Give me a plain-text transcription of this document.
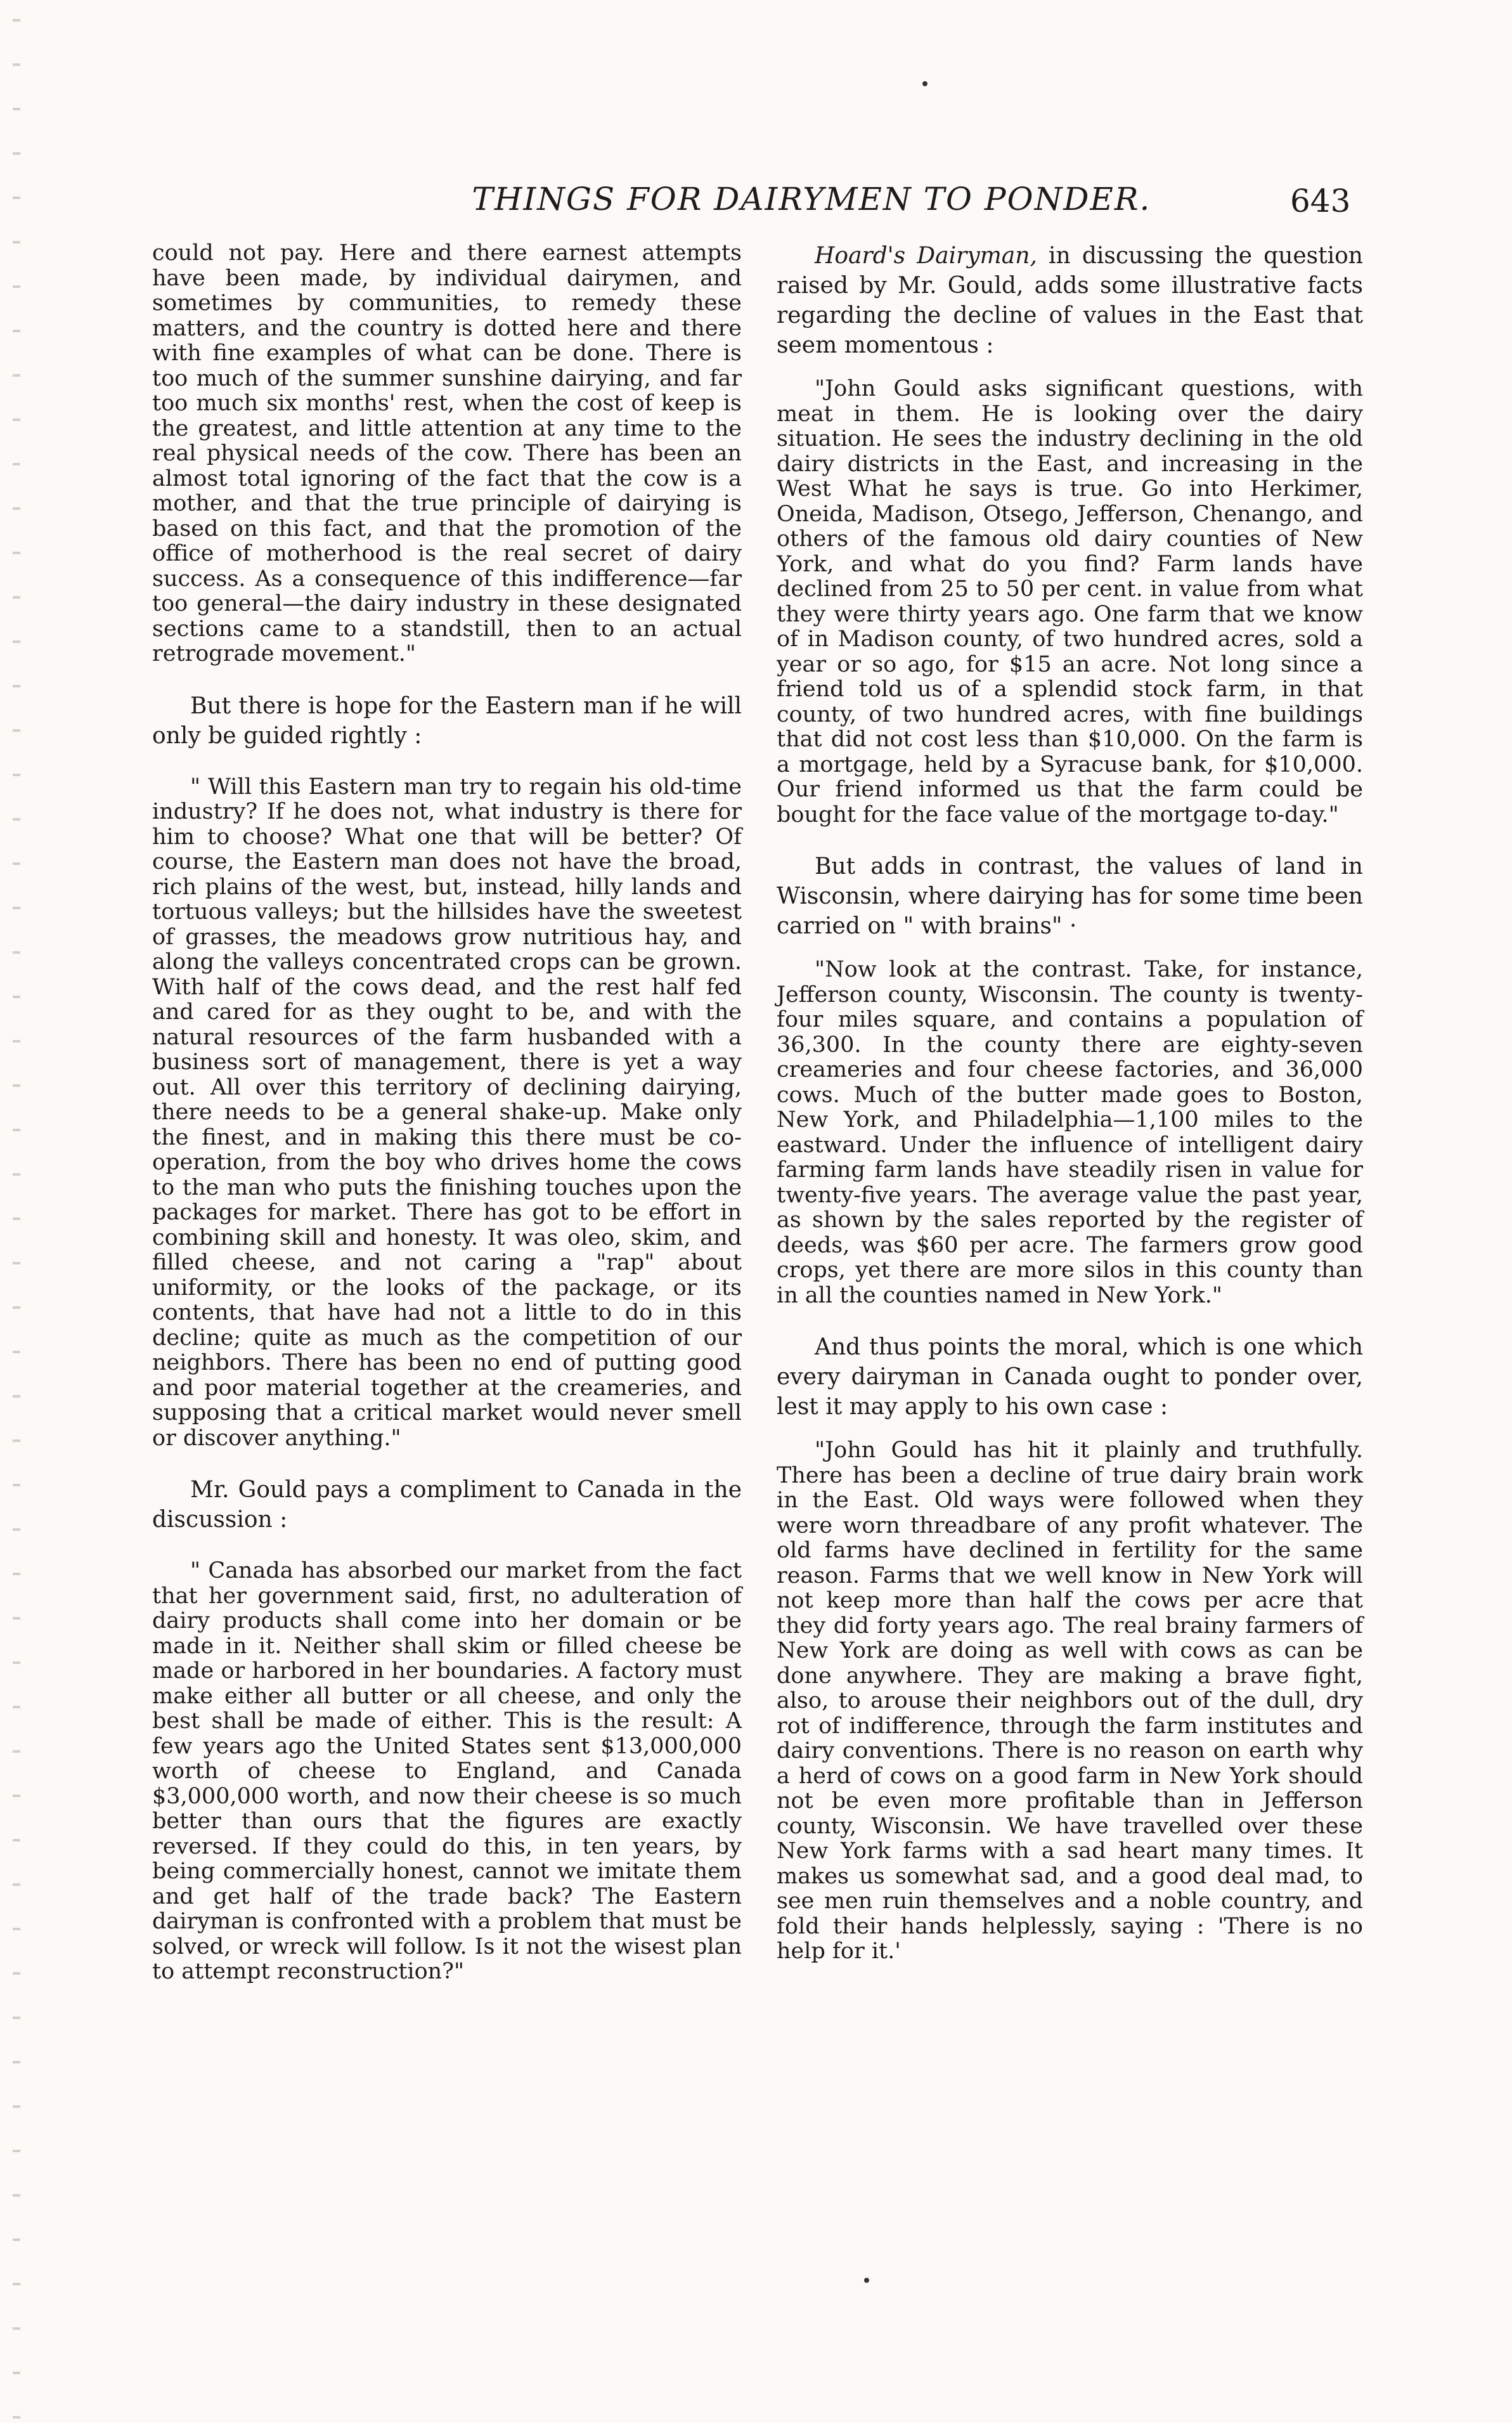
THINGS FOR DAIRYMEN TO PONDER.	643

could not pay. Here and there earnest attempts have been made, by individual dairymen, and sometimes by communities, to remedy these matters, and the country is dotted here and there with fine examples of what can be done. There is too much of the summer sunshine dairying, and far too much six months' rest, when the cost of keep is the greatest, and little attention at any time to the real physical needs of the cow. There has been an almost total ignoring of the fact that the cow is a mother, and that the true principle of dairying is based on this fact, and that the promotion of the office of motherhood is the real secret of dairy success. As a consequence of this indifference—far too general—the dairy industry in these designated sections came to a standstill, then to an actual retrograde movement."

But there is hope for the Eastern man if he will only be guided rightly :

" Will this Eastern man try to regain his old-time industry? If he does not, what industry is there for him to choose? What one that will be better? Of course, the Eastern man does not have the broad, rich plains of the west, but, instead, hilly lands and tortuous valleys; but the hillsides have the sweetest of grasses, the meadows grow nutritious hay, and along the valleys concentrated crops can be grown. With half of the cows dead, and the rest half fed and cared for as they ought to be, and with the natural resources of the farm husbanded with a business sort of management, there is yet a way out. All over this territory of declining dairying, there needs to be a general shake-up. Make only the finest, and in making this there must be co-operation, from the boy who drives home the cows to the man who puts the finishing touches upon the packages for market. There has got to be effort in combining skill and honesty. It was oleo, skim, and filled cheese, and not caring a "rap" about uniformity, or the looks of the package, or its contents, that have had not a little to do in this decline; quite as much as the competition of our neighbors. There has been no end of putting good and poor material together at the creameries, and supposing that a critical market would never smell or discover anything."

Mr. Gould pays a compliment to Canada in the discussion :

" Canada has absorbed our market from the fact that her government said, first, no adulteration of dairy products shall come into her domain or be made in it. Neither shall skim or filled cheese be made or harbored in her boundaries. A factory must make either all butter or all cheese, and only the best shall be made of either. This is the result: A few years ago the United States sent $13,000,000 worth of cheese to England, and Canada $3,000,000 worth, and now their cheese is so much better than ours that the figures are exactly reversed. If they could do this, in ten years, by being commercially honest, cannot we imitate them and get half of the trade back? The Eastern dairyman is confronted with a problem that must be solved, or wreck will follow. Is it not the wisest plan to attempt reconstruction?"

Hoard's Dairyman, in discussing the question raised by Mr. Gould, adds some illustrative facts regarding the decline of values in the East that seem momentous :

"John Gould asks significant questions, with meat in them. He is looking over the dairy situation. He sees the industry declining in the old dairy districts in the East, and increasing in the West What he says is true. Go into Herkimer, Oneida, Madison, Otsego, Jefferson, Chenango, and others of the famous old dairy counties of New York, and what do you find? Farm lands have declined from 25 to 50 per cent. in value from what they were thirty years ago. One farm that we know of in Madison county, of two hundred acres, sold a year or so ago, for $15 an acre. Not long since a friend told us of a splendid stock farm, in that county, of two hundred acres, with fine buildings that did not cost less than $10,000. On the farm is a mortgage, held by a Syracuse bank, for $10,000. Our friend informed us that the farm could be bought for the face value of the mortgage to-day."

But adds in contrast, the values of land in Wisconsin, where dairying has for some time been carried on " with brains" ·

"Now look at the contrast. Take, for instance, Jefferson county, Wisconsin. The county is twenty-four miles square, and contains a population of 36,300. In the county there are eighty-seven creameries and four cheese factories, and 36,000 cows. Much of the butter made goes to Boston, New York, and Philadelphia—1,100 miles to the eastward. Under the influence of intelligent dairy farming farm lands have steadily risen in value for twenty-five years. The average value the past year, as shown by the sales reported by the register of deeds, was $60 per acre. The farmers grow good crops, yet there are more silos in this county than in all the counties named in New York."

And thus points the moral, which is one which every dairyman in Canada ought to ponder over, lest it may apply to his own case :

"John Gould has hit it plainly and truthfully. There has been a decline of true dairy brain work in the East. Old ways were followed when they were worn threadbare of any profit whatever. The old farms have declined in fertility for the same reason. Farms that we well know in New York will not keep more than half the cows per acre that they did forty years ago. The real brainy farmers of New York are doing as well with cows as can be done anywhere. They are making a brave fight, also, to arouse their neighbors out of the dull, dry rot of indifference, through the farm institutes and dairy conventions. There is no reason on earth why a herd of cows on a good farm in New York should not be even more profitable than in Jefferson county, Wisconsin. We have travelled over these New York farms with a sad heart many times. It makes us somewhat sad, and a good deal mad, to see men ruin themselves and a noble country, and fold their hands helplessly, saying : 'There is no help for it.'
